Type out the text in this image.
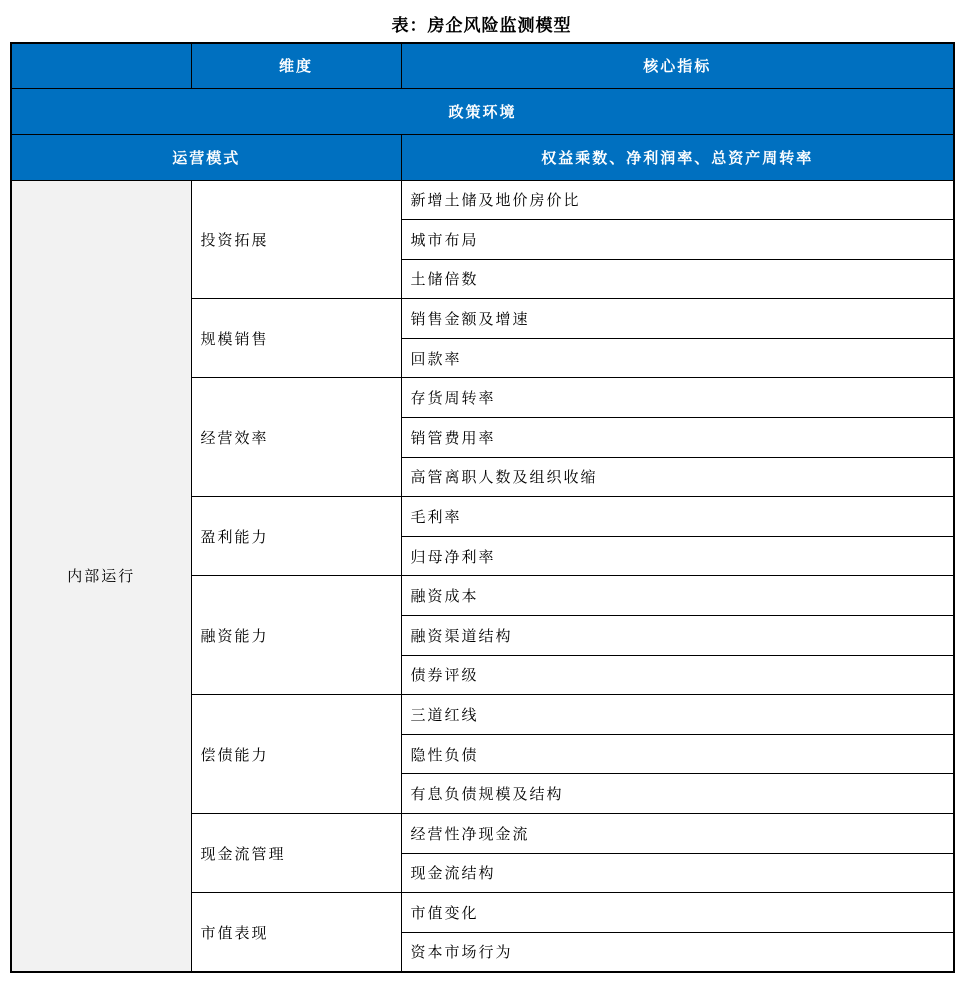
表：房企风险监测模型
	维度	核心指标
政策环境		
运营模式		权益乘数、净利润率、总资产周转率
内部运行	投资拓展	新增土储及地价房价比
		城市布局
		土储倍数
	规模销售	销售金额及增速
		回款率
	经营效率	存货周转率
		销管费用率
		高管离职人数及组织收缩
	盈利能力	毛利率
		归母净利率
	融资能力	融资成本
		融资渠道结构
		债券评级
	偿债能力	三道红线
		隐性负债
		有息负债规模及结构
	现金流管理	经营性净现金流
		现金流结构
	市值表现	市值变化
		资本市场行为
